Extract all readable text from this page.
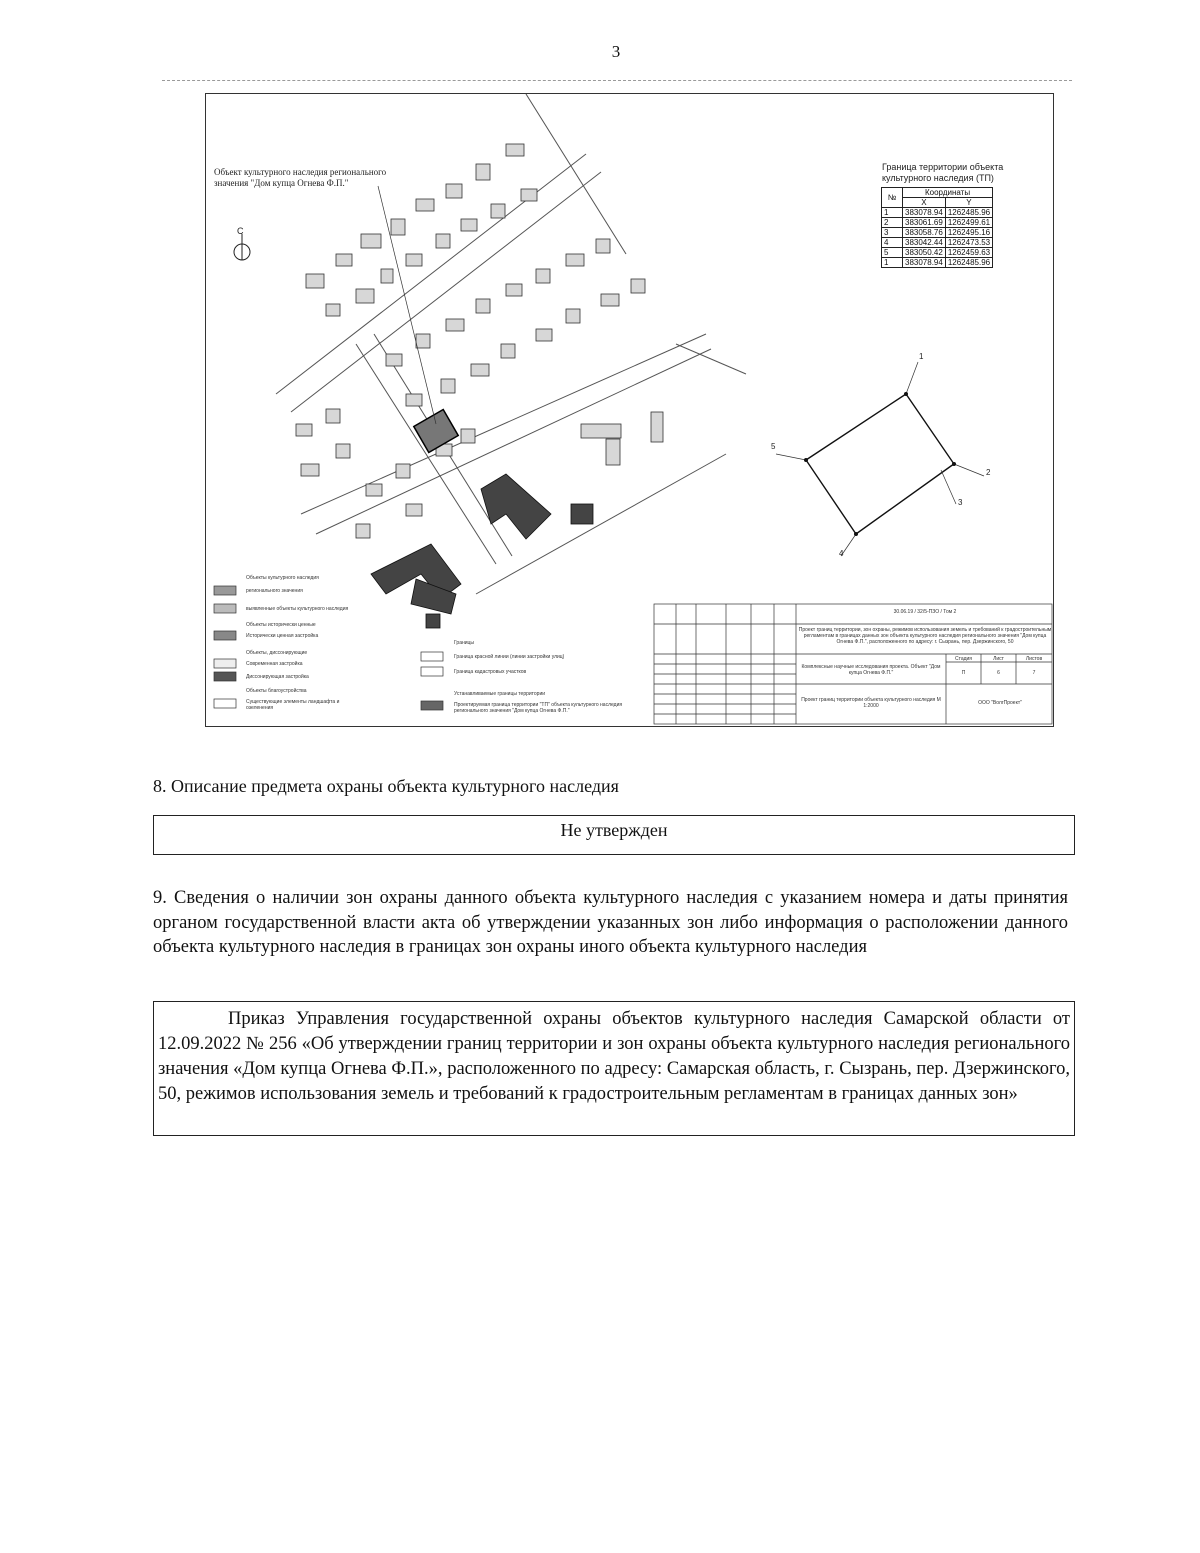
3
Объект культурного наследия регионального значения "Дом купца Огнева Ф.П."
С
Граница территории объекта культурного наследия (ТП)
1
2
3
4
5
Объекты культурного наследия
регионального значения
выявленные объекты культурного наследия
Объекты исторически ценные
Исторически ценная застройка
Объекты, диссонирующие
Современная застройка
Диссонирующая застройка
Объекты благоустройства
Существующие элементы ландшафта и озеленения
Границы
Граница красной линии (линии застройки улиц)
Граница кадастровых участков
Устанавливаемые границы территории
Проектируемая граница территории "ТП" объекта культурного наследия регионального значения "Дом купца Огнева Ф.П."
30.06.19 / 32/5-ПЗО / Том 2
Проект границ территории, зон охраны, режимов использования земель и требований к градостроительным регламентам в границах данных зон объекта культурного наследия регионального значения "Дом купца Огнева Ф.П.", расположенного по адресу: г. Сызрань, пер. Дзержинского, 50
Комплексные научные исследования проекта. Объект "Дом купца Огнева Ф.П."
Стадия	Лист	Листов
П	6	7
Проект границ территории объекта культурного наследия М 1:2000	ООО "ВолгПроект"
№	Координаты	
	X	Y
1	383078.94	1262485.96
2	383061.69	1262499.61
3	383058.76	1262495.16
4	383042.44	1262473.53
5	383050.42	1262459.63
1	383078.94	1262485.96
8. Описание предмета охраны объекта культурного наследия
Не утвержден
9. Сведения о наличии зон охраны данного объекта культурного наследия с указанием номера и даты принятия органом государственной власти акта об утверждении указанных зон либо информация о расположении данного объекта культурного наследия в границах зон охраны иного объекта культурного наследия
Приказ Управления государственной охраны объектов культурного наследия Самарской области от 12.09.2022 № 256 «Об утверждении границ территории и зон охраны объекта культурного наследия регионального значения «Дом купца Огнева Ф.П.», расположенного по адресу: Самарская область, г. Сызрань, пер. Дзержинского, 50, режимов использования земель и требований к градостроительным регламентам в границах данных зон»
